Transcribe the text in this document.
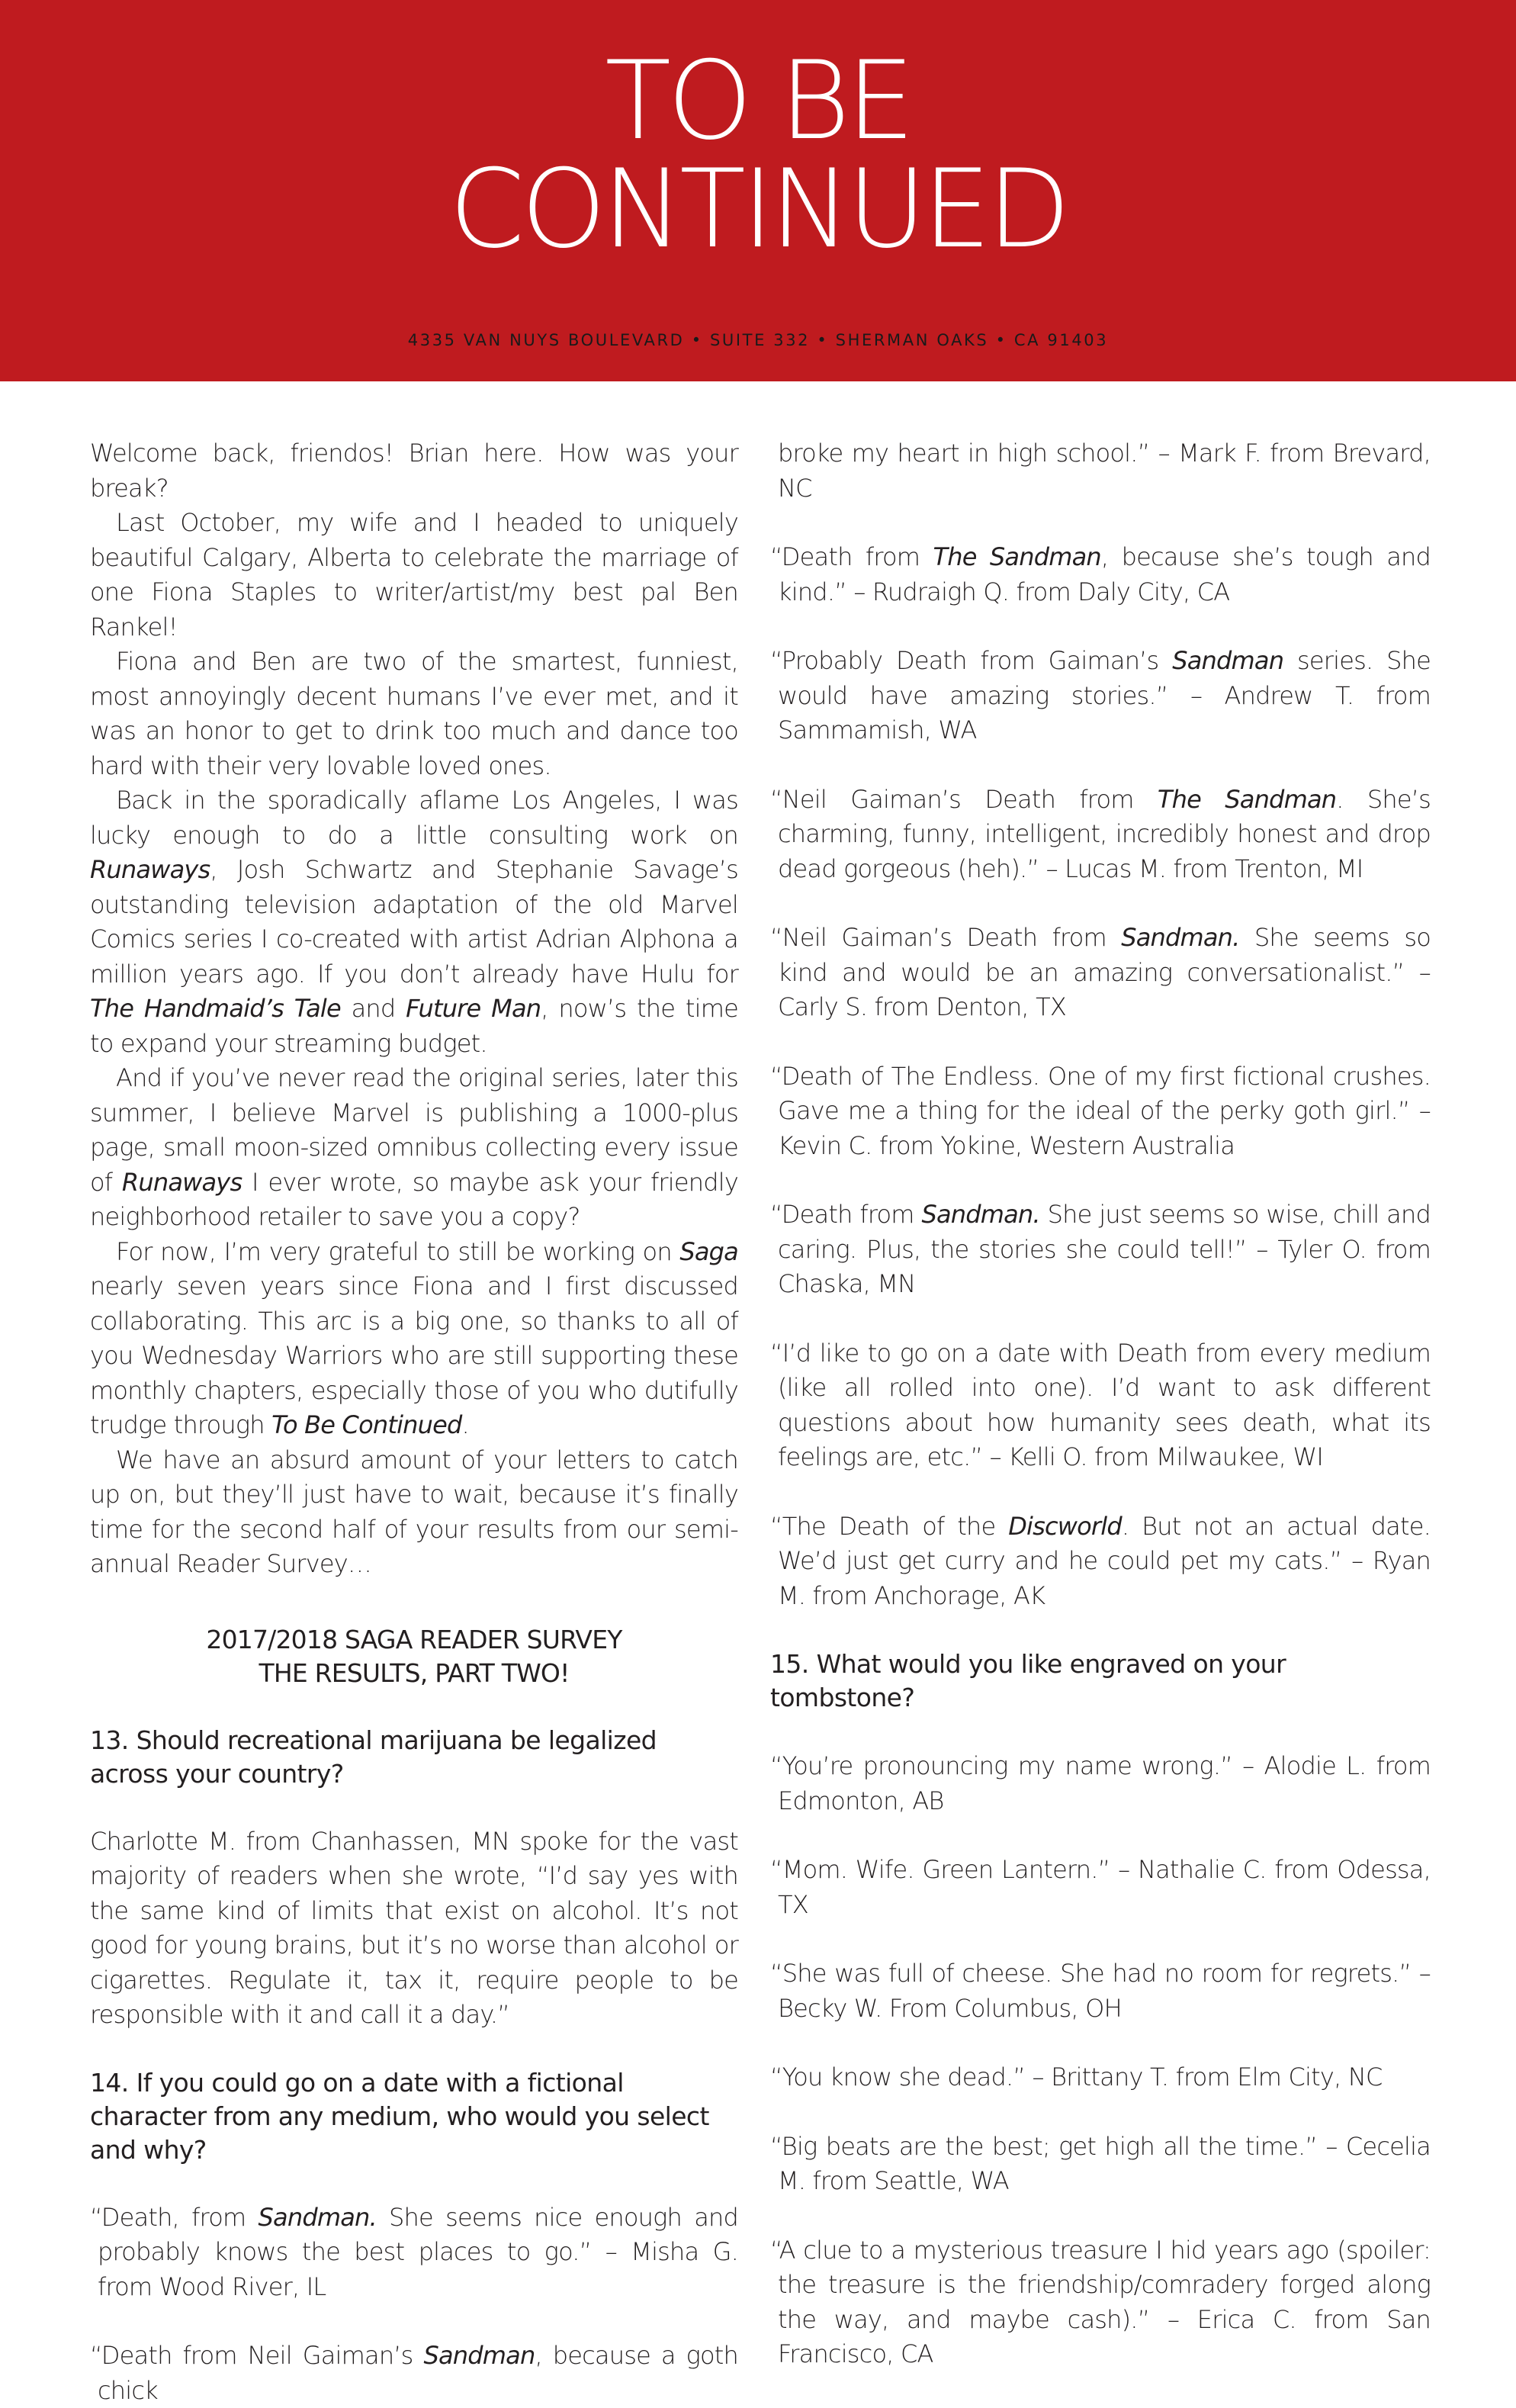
TO BE
CONTINUED
4335 VAN NUYS BOULEVARD • SUITE 332 • SHERMAN OAKS • CA 91403

Welcome back, friendos! Brian here. How was your break?

Last October, my wife and I headed to uniquely beautiful Calgary, Alberta to celebrate the marriage of one Fiona Staples to writer/artist/my best pal Ben Rankel!

Fiona and Ben are two of the smartest, funniest, most annoyingly decent humans I’ve ever met, and it was an honor to get to drink too much and dance too hard with their very lovable loved ones.

Back in the sporadically aflame Los Angeles, I was lucky enough to do a little consulting work on Runaways, Josh Schwartz and Stephanie Savage’s outstanding television adaptation of the old Marvel Comics series I co-created with artist Adrian Alphona a million years ago. If you don’t already have Hulu for The Handmaid’s Tale and Future Man, now’s the time to expand your streaming budget.

And if you’ve never read the original series, later this summer, I believe Marvel is publishing a 1000-plus page, small moon-sized omnibus collecting every issue of Runaways I ever wrote, so maybe ask your friendly neighborhood retailer to save you a copy?

For now, I’m very grateful to still be working on Saga nearly seven years since Fiona and I first discussed collaborating. This arc is a big one, so thanks to all of you Wednesday Warriors who are still supporting these monthly chapters, especially those of you who dutifully trudge through To Be Continued.

We have an absurd amount of your letters to catch up on, but they’ll just have to wait, because it’s finally time for the second half of your results from our semi-annual Reader Survey…

2017/2018 SAGA READER SURVEY
THE RESULTS, PART TWO!

13. Should recreational marijuana be legalized across your country?

Charlotte M. from Chanhassen, MN spoke for the vast majority of readers when she wrote, “I’d say yes with the same kind of limits that exist on alcohol. It’s not good for young brains, but it’s no worse than alcohol or cigarettes. Regulate it, tax it, require people to be responsible with it and call it a day.”

14. If you could go on a date with a fictional character from any medium, who would you select and why?

“Death, from Sandman. She seems nice enough and probably knows the best places to go.” – Misha G. from Wood River, IL

“Death from Neil Gaiman’s Sandman, because a goth chick

broke my heart in high school.” – Mark F. from Brevard, NC

“Death from The Sandman, because she’s tough and kind.” – Rudraigh Q. from Daly City, CA

“Probably Death from Gaiman’s Sandman series. She would have amazing stories.” – Andrew T. from Sammamish, WA

“Neil Gaiman’s Death from The Sandman. She’s charming, funny, intelligent, incredibly honest and drop dead gorgeous (heh).” – Lucas M. from Trenton, MI

“Neil Gaiman’s Death from Sandman. She seems so kind and would be an amazing conversationalist.” – Carly S. from Denton, TX

“Death of The Endless. One of my first fictional crushes. Gave me a thing for the ideal of the perky goth girl.” – Kevin C. from Yokine, Western Australia

“Death from Sandman. She just seems so wise, chill and caring. Plus, the stories she could tell!” – Tyler O. from Chaska, MN

“I’d like to go on a date with Death from every medium (like all rolled into one). I’d want to ask different questions about how humanity sees death, what its feelings are, etc.” – Kelli O. from Milwaukee, WI

“The Death of the Discworld. But not an actual date. We’d just get curry and he could pet my cats.” – Ryan M. from Anchorage, AK

15. What would you like engraved on your tombstone?

“You’re pronouncing my name wrong.” – Alodie L. from Edmonton, AB

“Mom. Wife. Green Lantern.” – Nathalie C. from Odessa, TX

“She was full of cheese. She had no room for regrets.” – Becky W. From Columbus, OH

“You know she dead.” – Brittany T. from Elm City, NC

“Big beats are the best; get high all the time.” – Cecelia M. from Seattle, WA

“A clue to a mysterious treasure I hid years ago (spoiler: the treasure is the friendship/comradery forged along the way, and maybe cash).” – Erica C. from San Francisco, CA
